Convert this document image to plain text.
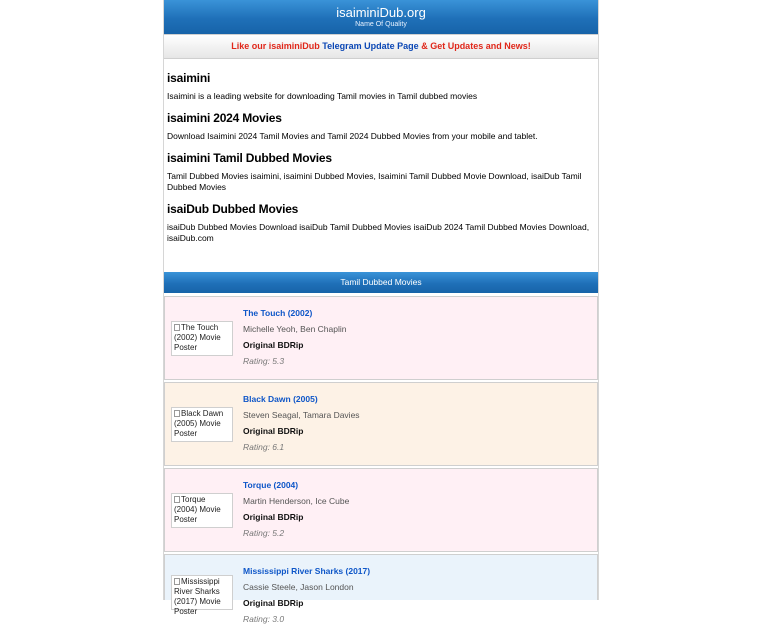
isaiminiDub.org
Name Of Quality
Like our isaiminiDub Telegram Update Page & Get Updates and News!
isaimini

Isaimini is a leading website for downloading Tamil movies in Tamil dubbed movies

isaimini 2024 Movies

Download Isaimini 2024 Tamil Movies and Tamil 2024 Dubbed Movies from your mobile and tablet.

isaimini Tamil Dubbed Movies

Tamil Dubbed Movies isaimini, isaimini Dubbed Movies, Isaimini Tamil Dubbed Movie Download, isaiDub Tamil Dubbed Movies

isaiDub Dubbed Movies

isaiDub Dubbed Movies Download isaiDub Tamil Dubbed Movies isaiDub 2024 Tamil Dubbed Movies Download, isaiDub.com

Tamil Dubbed Movies
The Touch (2002) Movie Poster
The Touch (2002)
Michelle Yeoh, Ben Chaplin
Original BDRip
Rating: 5.3
Black Dawn (2005) Movie Poster
Black Dawn (2005)
Steven Seagal, Tamara Davies
Original BDRip
Rating: 6.1
Torque (2004) Movie Poster
Torque (2004)
Martin Henderson, Ice Cube
Original BDRip
Rating: 5.2
Mississippi River Sharks (2017) Movie Poster
Mississippi River Sharks (2017)
Cassie Steele, Jason London
Original BDRip
Rating: 3.0
